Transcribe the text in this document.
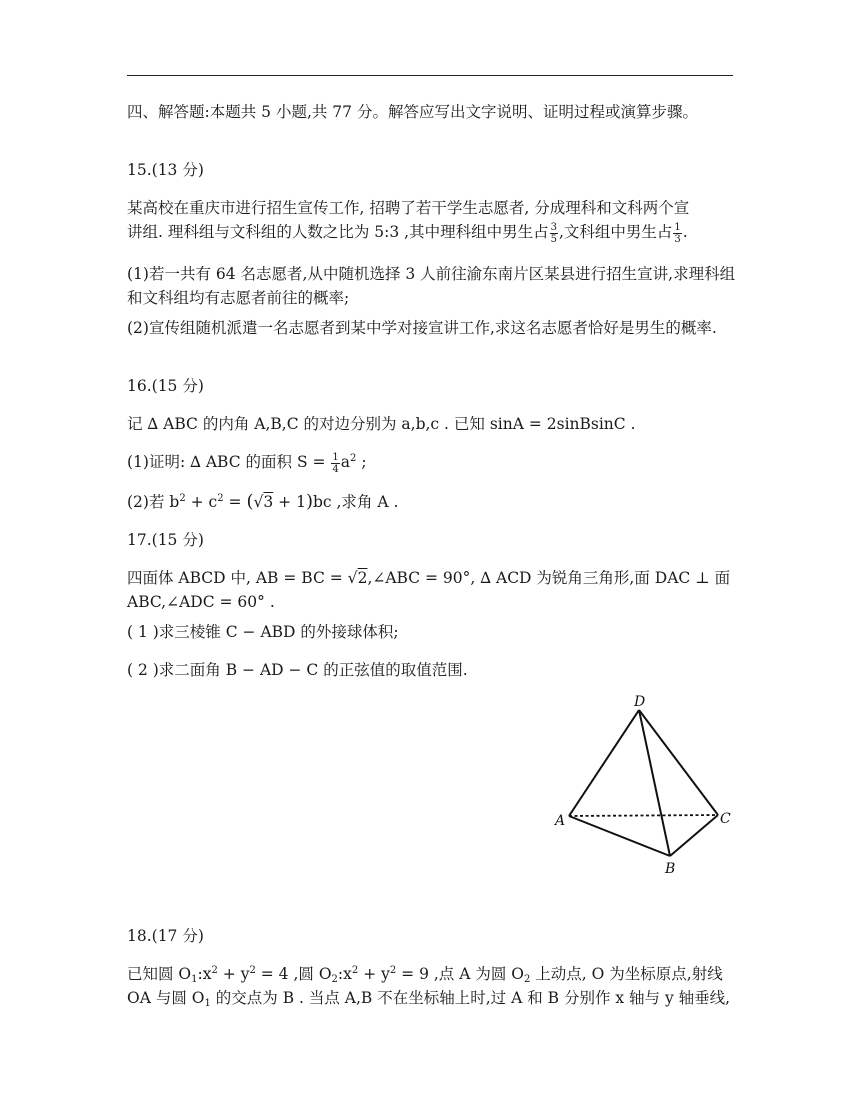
四、解答题:本题共 5 小题,共 77 分。解答应写出文字说明、证明过程或演算步骤。

15.(13 分)

某高校在重庆市进行招生宣传工作, 招聘了若干学生志愿者, 分成理科和文科两个宣

讲组. 理科组与文科组的人数之比为 5:3 ,其中理科组中男生占 $\frac{3}{5}$ ,文科组中男生占 $\frac{1}{3}$ .

(1)若一共有 64 名志愿者,从中随机选择 3 人前往渝东南片区某县进行招生宣讲,求理科组和文科组均有志愿者前往的概率;

(2)宣传组随机派遣一名志愿者到某中学对接宣讲工作,求这名志愿者恰好是男生的概率.

16.(15 分)

记 ∆ ABC 的内角 A,B,C 的对边分别为 a,b,c . 已知 sinA = 2sinBsinC .

(1)证明: ∆ ABC 的面积 $S = \frac{1}{4} a^2$ ;

(2)若 $b^2 + c^2 = (√3 + 1)bc$ ,求角 A .

17.(15 分)

四面体 ABCD 中, AB = BC = √2,∠ABC = 90°, ∆ ACD 为锐角三角形,面 DAC ⊥ 面 ABC,∠ADC = 60° .

( 1 )求三棱锥 C − ABD 的外接球体积;

( 2 )求二面角 B − AD − C 的正弦值的取值范围.

D
A	C
B

18.(17 分)

已知圆 $O_1:x^2 + y^2 = 4$ ,圆 $O_2:x^2 + y^2 = 9$ ,点 A 为圆 $O_2$ 上动点, O 为坐标原点,射线

OA 与圆 $O_1$ 的交点为 B . 当点 A,B 不在坐标轴上时,过 A 和 B 分别作 x 轴与 y 轴垂线,
